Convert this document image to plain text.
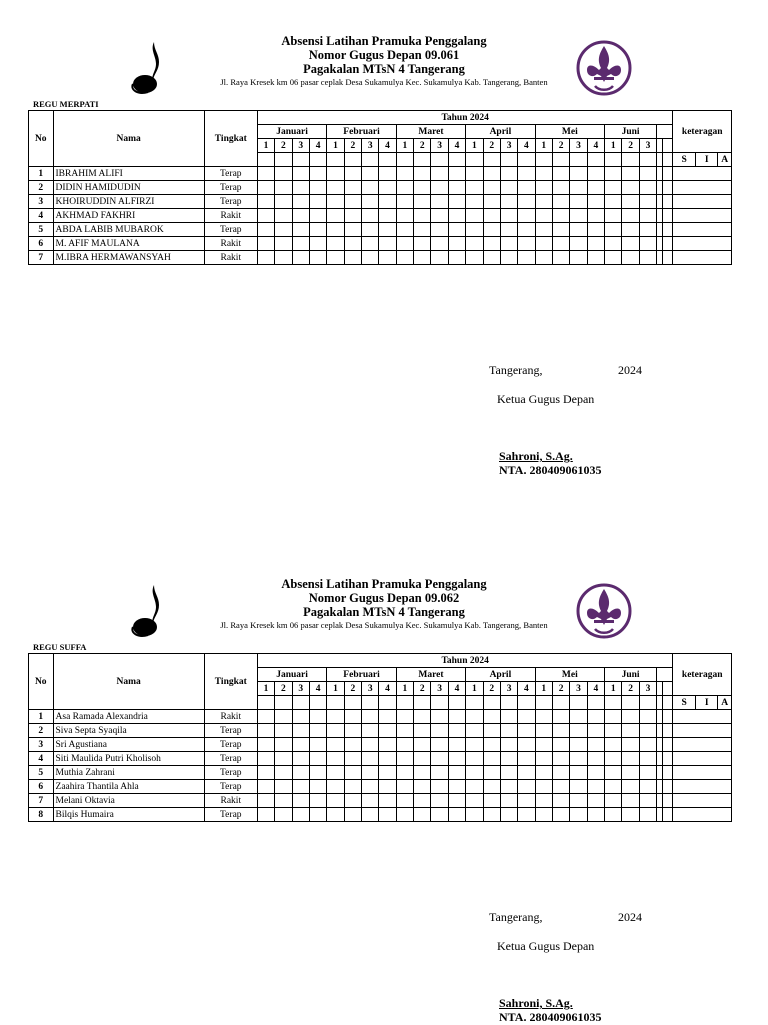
Absensi Latihan Pramuka Penggalang
Nomor Gugus Depan 09.061
Pagakalan MTsN 4 Tangerang
Jl. Raya Kresek km 06 pasar ceplak Desa Sukamulya Kec. Sukamulya Kab. Tangerang, Banten
REGU MERPATI
No	Nama	Tingkat	Tahun 2024																									keteragan		
			Januari				Februari				Maret				April				Mei				Juni							
			1	2	3	4	1	2	3	4	1	2	3	4	1	2	3	4	1	2	3	4	1	2	3					
																												S	I	A
1	IBRAHIM ALIFI	Terap																												
2	DIDIN HAMIDUDIN	Terap																												
3	KHOIRUDDIN ALFIRZI	Terap																												
4	AKHMAD FAKHRI	Rakit																												
5	ABDA LABIB MUBAROK	Terap																												
6	M. AFIF MAULANA	Rakit																												
7	M.IBRA HERMAWANSYAH	Rakit																												
Tangerang,	2024
Ketua Gugus Depan
Sahroni, S.Ag.
NTA. 280409061035
Absensi Latihan Pramuka Penggalang
Nomor Gugus Depan 09.062
Pagakalan MTsN 4 Tangerang
Jl. Raya Kresek km 06 pasar ceplak Desa Sukamulya Kec. Sukamulya Kab. Tangerang, Banten
REGU SUFFA
No	Nama	Tingkat	Tahun 2024																									keteragan		
			Januari				Februari				Maret				April				Mei				Juni							
			1	2	3	4	1	2	3	4	1	2	3	4	1	2	3	4	1	2	3	4	1	2	3					
																												S	I	A
1	Asa Ramada Alexandria	Rakit																												
2	Siva Septa Syaqila	Terap																												
3	Sri Agustiana	Terap																												
4	Siti Maulida Putri Kholisoh	Terap																												
5	Muthia Zahrani	Terap																												
6	Zaahira Thantila Ahla	Terap																												
7	Melani Oktavia	Rakit																												
8	Bilqis Humaira	Terap																												
Tangerang,	2024
Ketua Gugus Depan
Sahroni, S.Ag.
NTA. 280409061035
